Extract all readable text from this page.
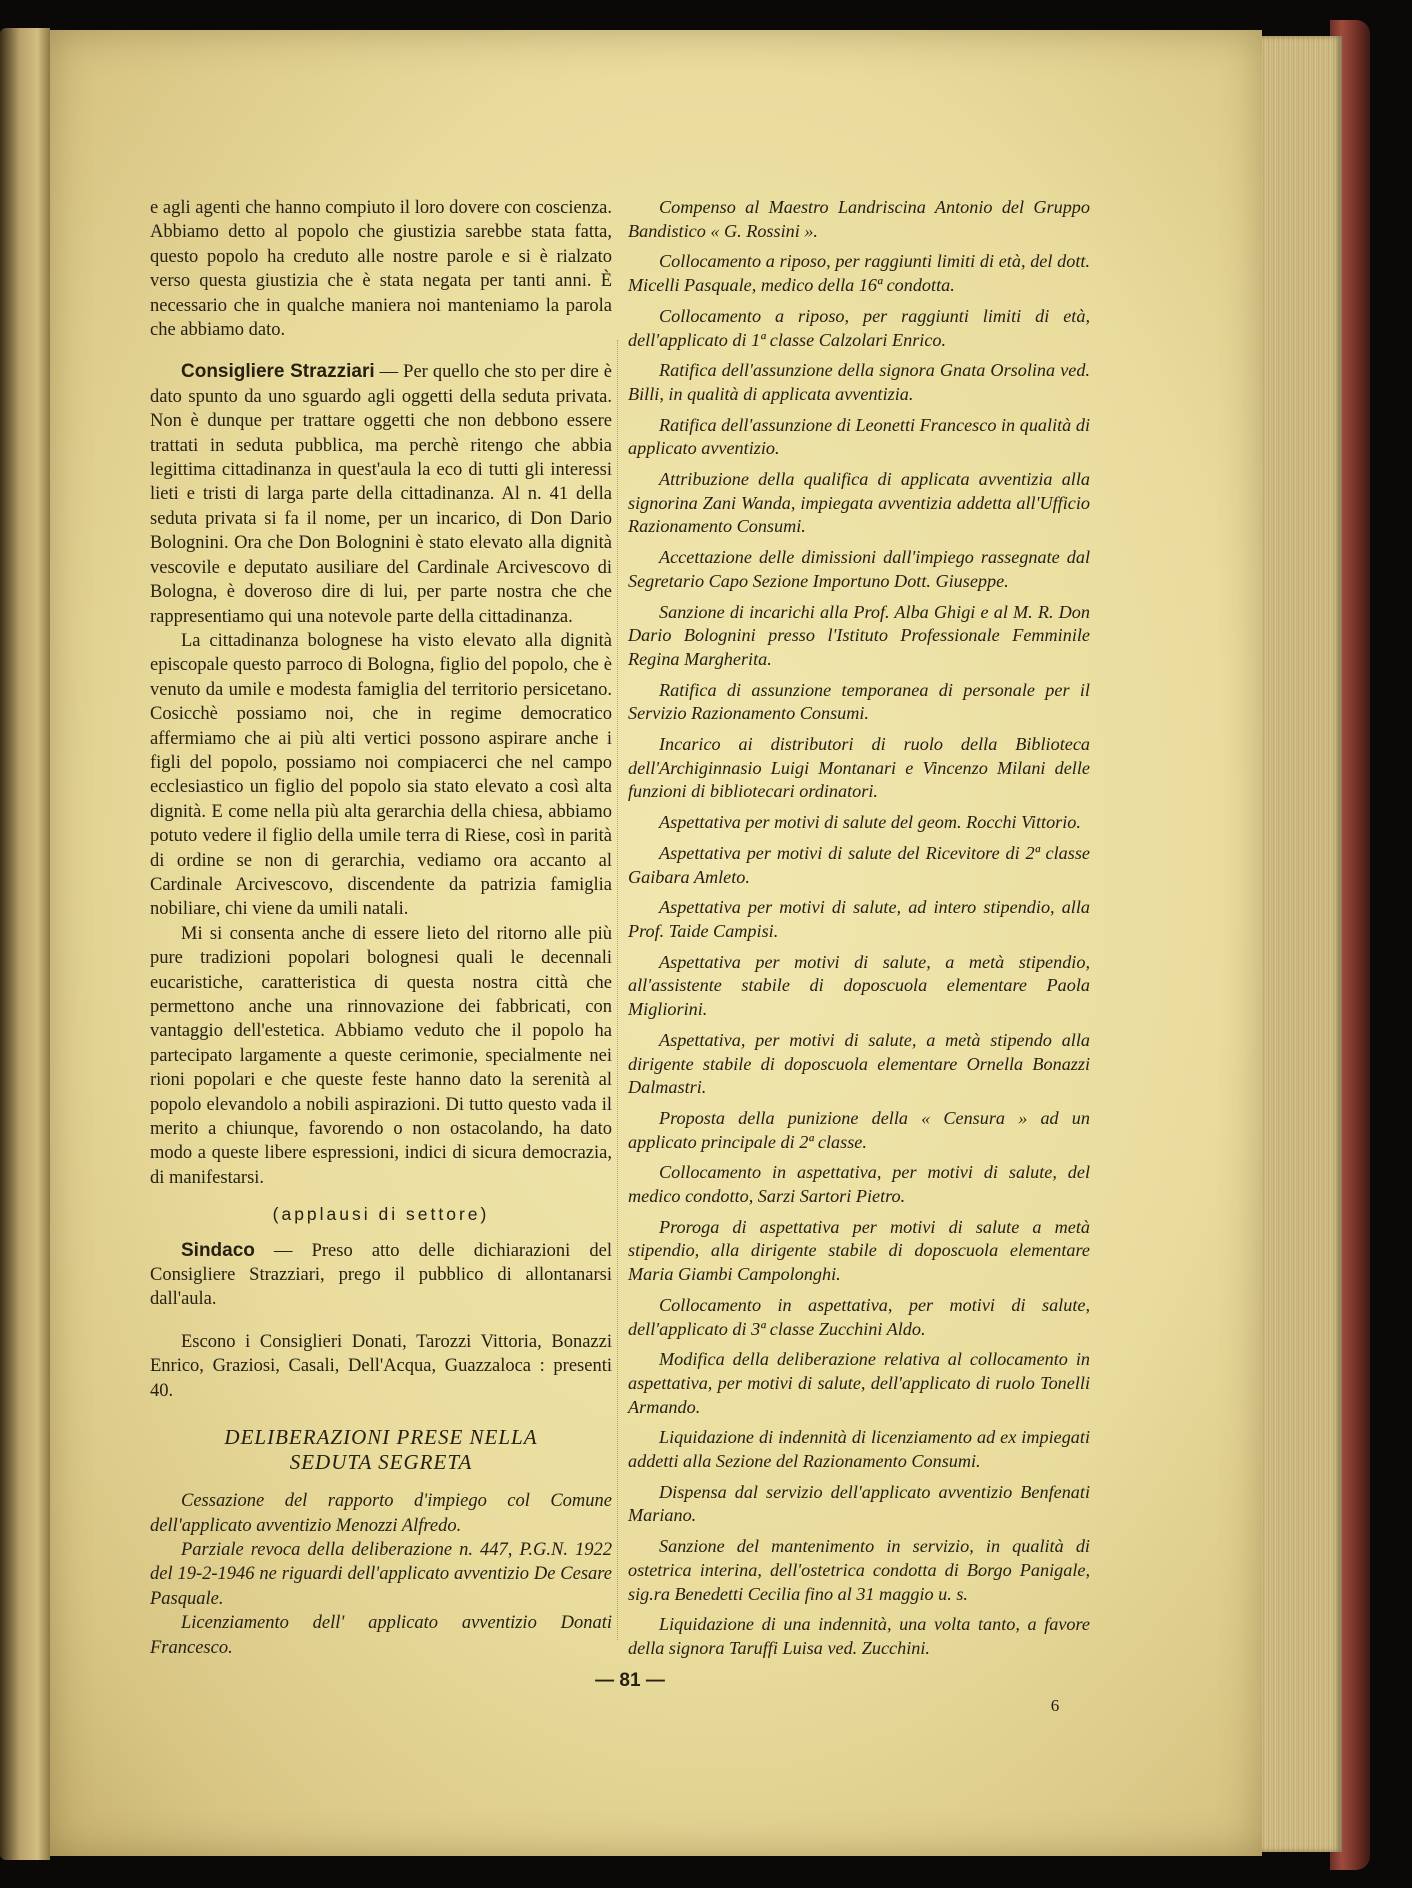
e agli agenti che hanno compiuto il loro dovere con coscienza. Abbiamo detto al popolo che giustizia sarebbe stata fatta, questo popolo ha creduto alle nostre parole e si è rialzato verso questa giustizia che è stata negata per tanti anni. È necessario che in qualche maniera noi manteniamo la parola che abbiamo dato.

Consigliere Strazziari — Per quello che sto per dire è dato spunto da uno sguardo agli oggetti della seduta privata. Non è dunque per trattare oggetti che non debbono essere trattati in seduta pubblica, ma perchè ritengo che abbia legittima cittadinanza in quest'aula la eco di tutti gli interessi lieti e tristi di larga parte della cittadinanza. Al n. 41 della seduta privata si fa il nome, per un incarico, di Don Dario Bolognini. Ora che Don Bolognini è stato elevato alla dignità vescovile e deputato ausiliare del Cardinale Arcivescovo di Bologna, è doveroso dire di lui, per parte nostra che che rappresentiamo qui una notevole parte della cittadinanza.

La cittadinanza bolognese ha visto elevato alla dignità episcopale questo parroco di Bologna, figlio del popolo, che è venuto da umile e modesta famiglia del territorio persicetano. Cosicchè possiamo noi, che in regime democratico affermiamo che ai più alti vertici possono aspirare anche i figli del popolo, possiamo noi compiacerci che nel campo ecclesiastico un figlio del popolo sia stato elevato a così alta dignità. E come nella più alta gerarchia della chiesa, abbiamo potuto vedere il figlio della umile terra di Riese, così in parità di ordine se non di gerarchia, vediamo ora accanto al Cardinale Arcivescovo, discendente da patrizia famiglia nobiliare, chi viene da umili natali.

Mi si consenta anche di essere lieto del ritorno alle più pure tradizioni popolari bolognesi quali le decennali eucaristiche, caratteristica di questa nostra città che permettono anche una rinnovazione dei fabbricati, con vantaggio dell'estetica. Abbiamo veduto che il popolo ha partecipato largamente a queste cerimonie, specialmente nei rioni popolari e che queste feste hanno dato la serenità al popolo elevandolo a nobili aspirazioni. Di tutto questo vada il merito a chiunque, favorendo o non ostacolando, ha dato modo a queste libere espressioni, indici di sicura democrazia, di manifestarsi.

(applausi di settore)

Sindaco — Preso atto delle dichiarazioni del Consigliere Strazziari, prego il pubblico di allontanarsi dall'aula.

Escono i Consiglieri Donati, Tarozzi Vittoria, Bonazzi Enrico, Graziosi, Casali, Dell'Acqua, Guazzaloca : presenti 40.

DELIBERAZIONI PRESE NELLA
SEDUTA SEGRETA

Cessazione del rapporto d'impiego col Comune dell'applicato avventizio Menozzi Alfredo.

Parziale revoca della deliberazione n. 447, P.G.N. 1922 del 19-2-1946 ne riguardi dell'applicato avventizio De Cesare Pasquale.

Licenziamento dell' applicato avventizio Donati Francesco.

Compenso al Maestro Landriscina Antonio del Gruppo Bandistico « G. Rossini ».

Collocamento a riposo, per raggiunti limiti di età, del dott. Micelli Pasquale, medico della 16ª condotta.

Collocamento a riposo, per raggiunti limiti di età, dell'applicato di 1ª classe Calzolari Enrico.

Ratifica dell'assunzione della signora Gnata Orsolina ved. Billi, in qualità di applicata avventizia.

Ratifica dell'assunzione di Leonetti Francesco in qualità di applicato avventizio.

Attribuzione della qualifica di applicata avventizia alla signorina Zani Wanda, impiegata avventizia addetta all'Ufficio Razionamento Consumi.

Accettazione delle dimissioni dall'impiego rassegnate dal Segretario Capo Sezione Importuno Dott. Giuseppe.

Sanzione di incarichi alla Prof. Alba Ghigi e al M. R. Don Dario Bolognini presso l'Istituto Professionale Femminile Regina Margherita.

Ratifica di assunzione temporanea di personale per il Servizio Razionamento Consumi.

Incarico ai distributori di ruolo della Biblioteca dell'Archiginnasio Luigi Montanari e Vincenzo Milani delle funzioni di bibliotecari ordinatori.

Aspettativa per motivi di salute del geom. Rocchi Vittorio.

Aspettativa per motivi di salute del Ricevitore di 2ª classe Gaibara Amleto.

Aspettativa per motivi di salute, ad intero stipendio, alla Prof. Taide Campisi.

Aspettativa per motivi di salute, a metà stipendio, all'assistente stabile di doposcuola elementare Paola Migliorini.

Aspettativa, per motivi di salute, a metà stipendo alla dirigente stabile di doposcuola elementare Ornella Bonazzi Dalmastri.

Proposta della punizione della « Censura » ad un applicato principale di 2ª classe.

Collocamento in aspettativa, per motivi di salute, del medico condotto, Sarzi Sartori Pietro.

Proroga di aspettativa per motivi di salute a metà stipendio, alla dirigente stabile di doposcuola elementare Maria Giambi Campolonghi.

Collocamento in aspettativa, per motivi di salute, dell'applicato di 3ª classe Zucchini Aldo.

Modifica della deliberazione relativa al collocamento in aspettativa, per motivi di salute, dell'applicato di ruolo Tonelli Armando.

Liquidazione di indennità di licenziamento ad ex impiegati addetti alla Sezione del Razionamento Consumi.

Dispensa dal servizio dell'applicato avventizio Benfenati Mariano.

Sanzione del mantenimento in servizio, in qualità di ostetrica interina, dell'ostetrica condotta di Borgo Panigale, sig.ra Benedetti Cecilia fino al 31 maggio u. s.

Liquidazione di una indennità, una volta tanto, a favore della signora Taruffi Luisa ved. Zucchini.

— 81 —
6
